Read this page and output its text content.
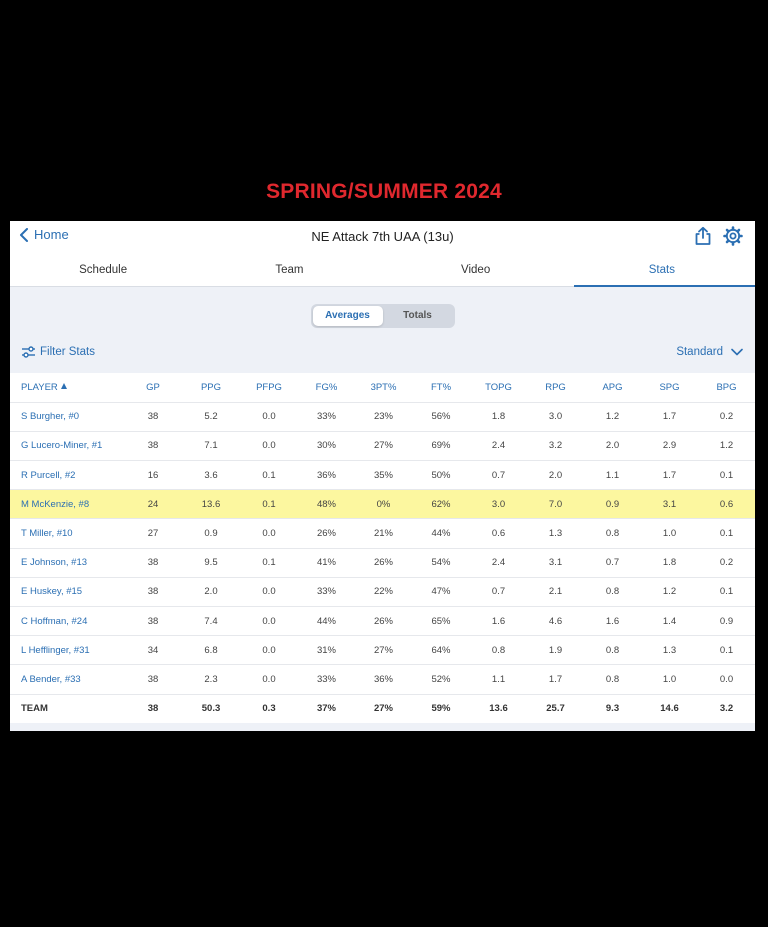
SPRING/SUMMER 2024
Home	NE Attack 7th UAA (13u)
Schedule	Team	Video	Stats
Averages	Totals
Filter Stats	Standard
PLAYER	GP	PPG	PFPG	FG%	3PT%	FT%	TOPG	RPG	APG	SPG	BPG
S Burgher, #0	38	5.2	0.0	33%	23%	56%	1.8	3.0	1.2	1.7	0.2
G Lucero-Miner, #1	38	7.1	0.0	30%	27%	69%	2.4	3.2	2.0	2.9	1.2
R Purcell, #2	16	3.6	0.1	36%	35%	50%	0.7	2.0	1.1	1.7	0.1
M McKenzie, #8	24	13.6	0.1	48%	0%	62%	3.0	7.0	0.9	3.1	0.6
T Miller, #10	27	0.9	0.0	26%	21%	44%	0.6	1.3	0.8	1.0	0.1
E Johnson, #13	38	9.5	0.1	41%	26%	54%	2.4	3.1	0.7	1.8	0.2
E Huskey, #15	38	2.0	0.0	33%	22%	47%	0.7	2.1	0.8	1.2	0.1
C Hoffman, #24	38	7.4	0.0	44%	26%	65%	1.6	4.6	1.6	1.4	0.9
L Hefflinger, #31	34	6.8	0.0	31%	27%	64%	0.8	1.9	0.8	1.3	0.1
A Bender, #33	38	2.3	0.0	33%	36%	52%	1.1	1.7	0.8	1.0	0.0
TEAM	38	50.3	0.3	37%	27%	59%	13.6	25.7	9.3	14.6	3.2
